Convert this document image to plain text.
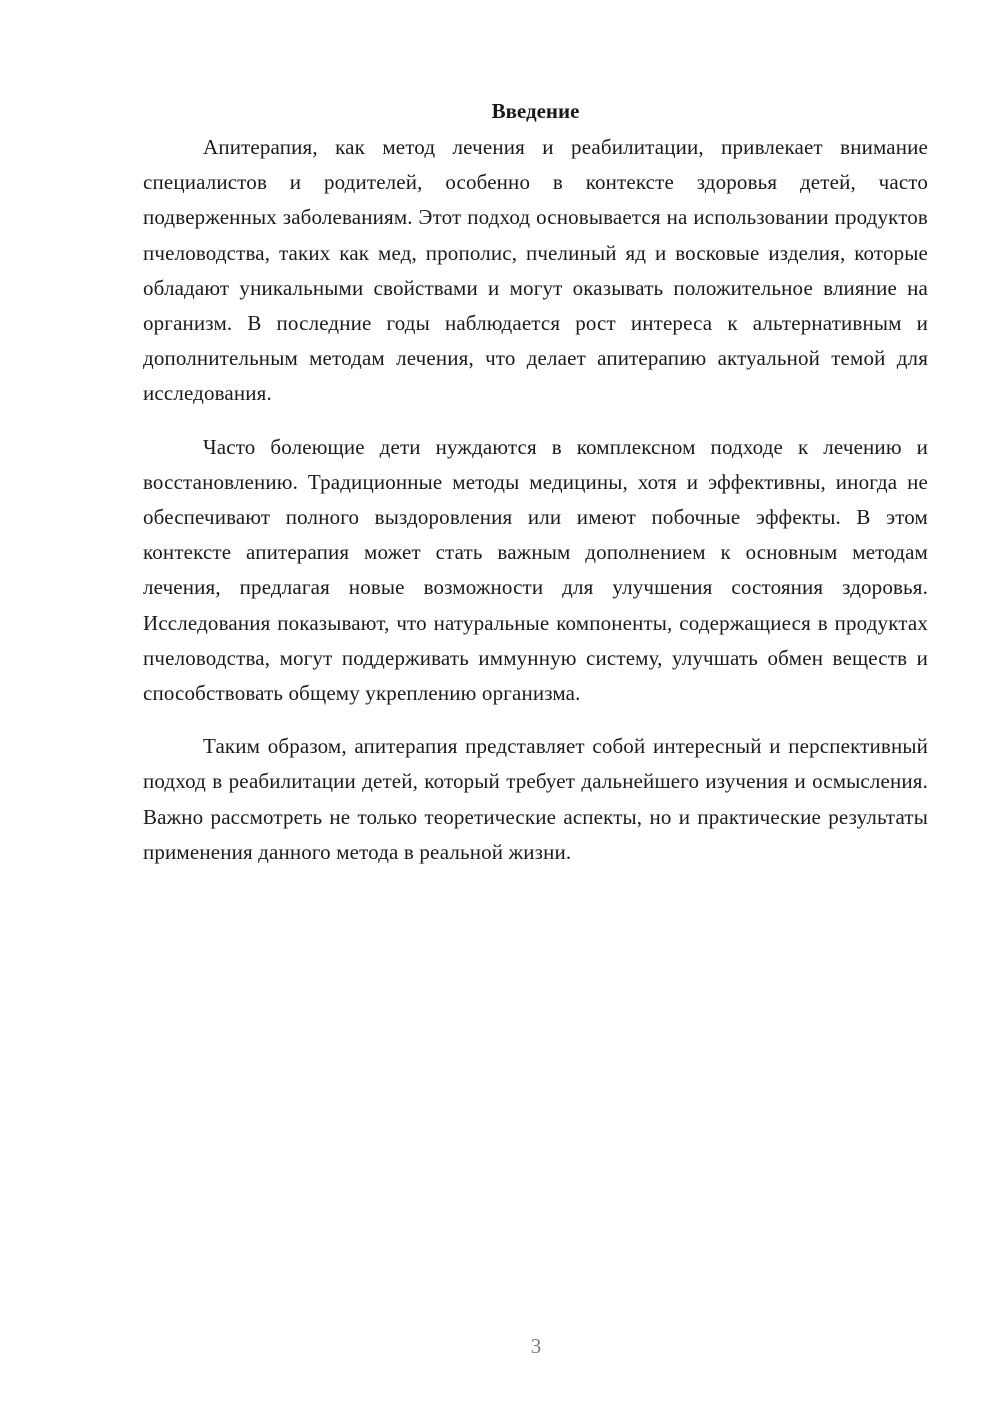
Введение

Апитерапия, как метод лечения и реабилитации, привлекает внимание специалистов и родителей, особенно в контексте здоровья детей, часто подверженных заболеваниям. Этот подход основывается на использовании продуктов пчеловодства, таких как мед, прополис, пчелиный яд и восковые изделия, которые обладают уникальными свойствами и могут оказывать положительное влияние на организм. В последние годы наблюдается рост интереса к альтернативным и дополнительным методам лечения, что делает апитерапию актуальной темой для исследования.

Часто болеющие дети нуждаются в комплексном подходе к лечению и восстановлению. Традиционные методы медицины, хотя и эффективны, иногда не обеспечивают полного выздоровления или имеют побочные эффекты. В этом контексте апитерапия может стать важным дополнением к основным методам лечения, предлагая новые возможности для улучшения состояния здоровья. Исследования показывают, что натуральные компоненты, содержащиеся в продуктах пчеловодства, могут поддерживать иммунную систему, улучшать обмен веществ и способствовать общему укреплению организма.

Таким образом, апитерапия представляет собой интересный и перспективный подход в реабилитации детей, который требует дальнейшего изучения и осмысления. Важно рассмотреть не только теоретические аспекты, но и практические результаты применения данного метода в реальной жизни.

3
